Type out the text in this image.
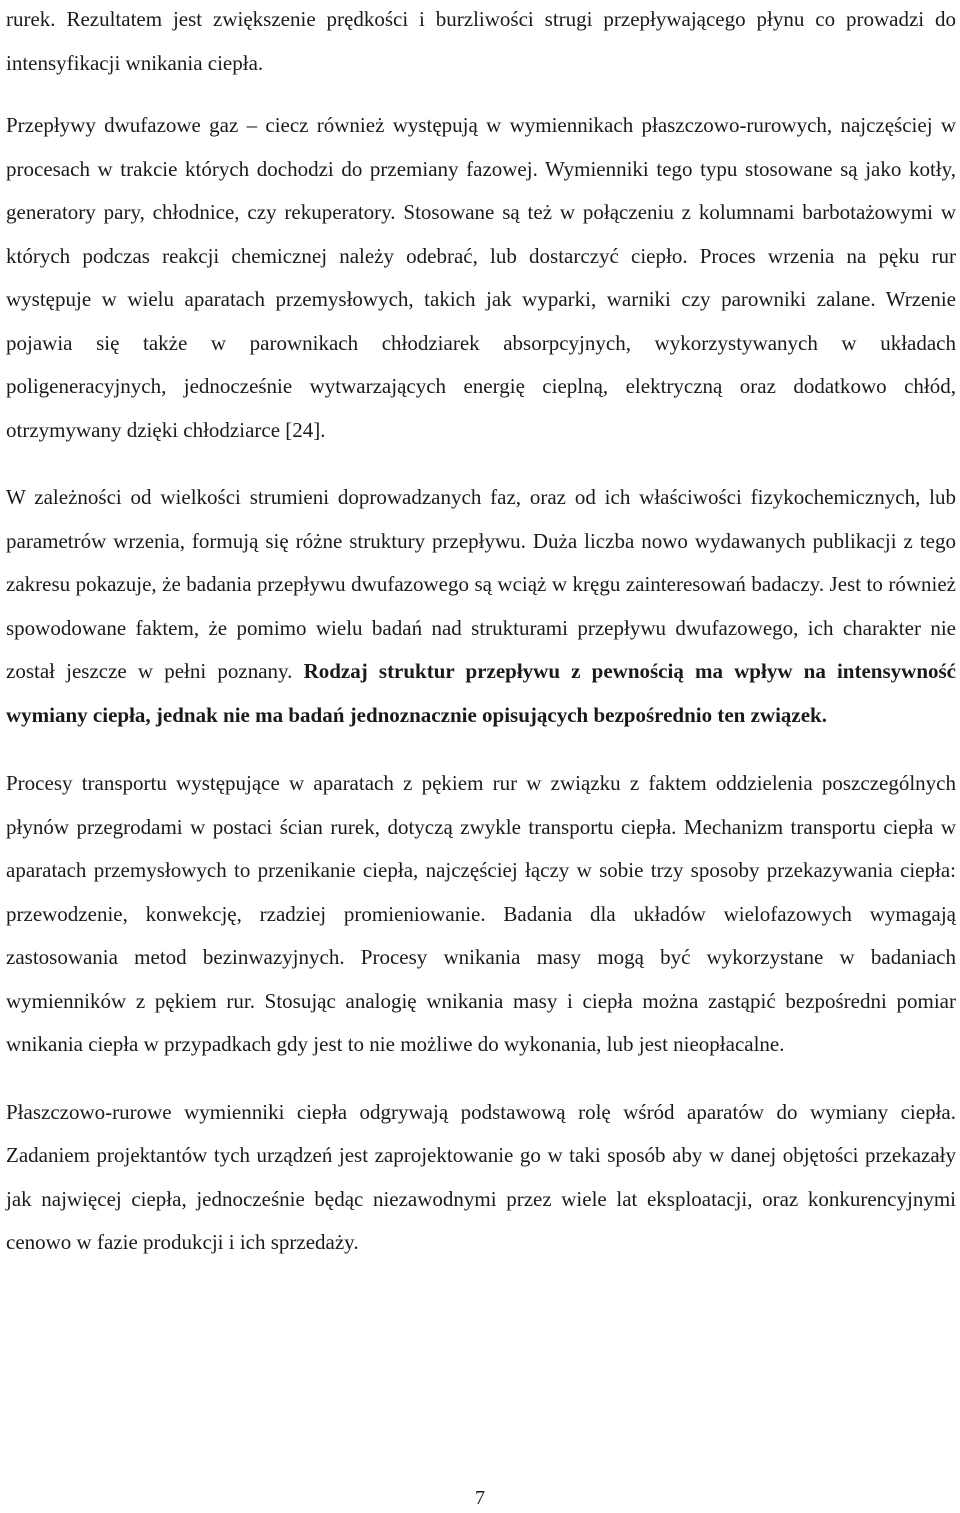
rurek. Rezultatem jest zwiększenie prędkości i burzliwości strugi przepływającego płynu co prowadzi do intensyfikacji wnikania ciepła.

Przepływy dwufazowe gaz – ciecz również występują w wymiennikach płaszczowo-rurowych, najczęściej w procesach w trakcie których dochodzi do przemiany fazowej. Wymienniki tego typu stosowane są jako kotły, generatory pary, chłodnice, czy rekuperatory. Stosowane są też w połączeniu z kolumnami barbotażowymi w których podczas reakcji chemicznej należy odebrać, lub dostarczyć ciepło. Proces wrzenia na pęku rur występuje w wielu aparatach przemysłowych, takich jak wyparki, warniki czy parowniki zalane. Wrzenie pojawia się także w parownikach chłodziarek absorpcyjnych, wykorzystywanych w układach poligeneracyjnych, jednocześnie wytwarzających energię cieplną, elektryczną oraz dodatkowo chłód, otrzymywany dzięki chłodziarce [24].

W zależności od wielkości strumieni doprowadzanych faz, oraz od ich właściwości fizykochemicznych, lub parametrów wrzenia, formują się różne struktury przepływu. Duża liczba nowo wydawanych publikacji z tego zakresu pokazuje, że badania przepływu dwufazowego są wciąż w kręgu zainteresowań badaczy. Jest to również spowodowane faktem, że pomimo wielu badań nad strukturami przepływu dwufazowego, ich charakter nie został jeszcze w pełni poznany. Rodzaj struktur przepływu z pewnością ma wpływ na intensywność wymiany ciepła, jednak nie ma badań jednoznacznie opisujących bezpośrednio ten związek.

Procesy transportu występujące w aparatach z pękiem rur w związku z faktem oddzielenia poszczególnych płynów przegrodami w postaci ścian rurek, dotyczą zwykle transportu ciepła. Mechanizm transportu ciepła w aparatach przemysłowych to przenikanie ciepła, najczęściej łączy w sobie trzy sposoby przekazywania ciepła: przewodzenie, konwekcję, rzadziej promieniowanie. Badania dla układów wielofazowych wymagają zastosowania metod bezinwazyjnych. Procesy wnikania masy mogą być wykorzystane w badaniach wymienników z pękiem rur. Stosując analogię wnikania masy i ciepła można zastąpić bezpośredni pomiar wnikania ciepła w przypadkach gdy jest to nie możliwe do wykonania, lub jest nieopłacalne.

Płaszczowo-rurowe wymienniki ciepła odgrywają podstawową rolę wśród aparatów do wymiany ciepła. Zadaniem projektantów tych urządzeń jest zaprojektowanie go w taki sposób aby w danej objętości przekazały jak najwięcej ciepła, jednocześnie będąc niezawodnymi przez wiele lat eksploatacji, oraz konkurencyjnymi cenowo w fazie produkcji i ich sprzedaży.

7
